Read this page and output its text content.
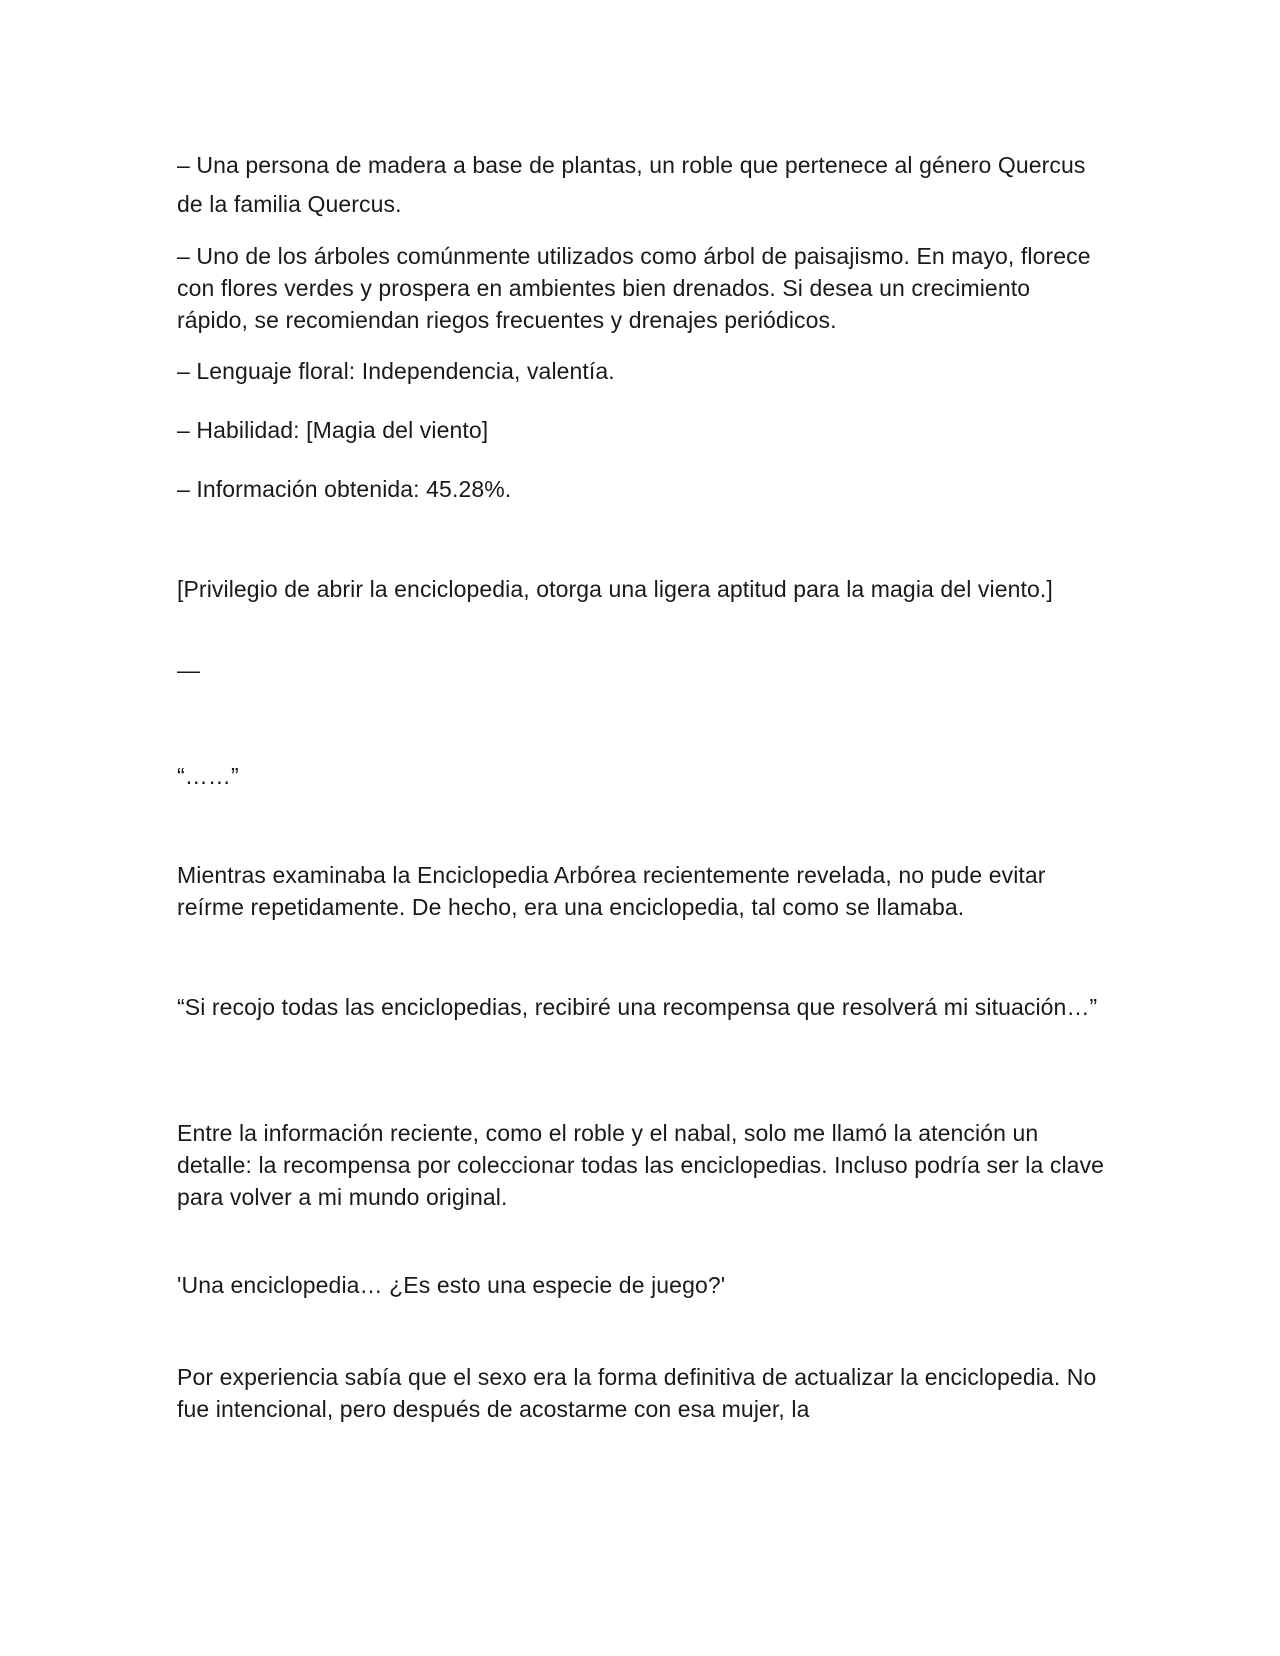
– Una persona de madera a base de plantas, un roble que pertenece al género Quercus de la familia Quercus.

– Uno de los árboles comúnmente utilizados como árbol de paisajismo. En mayo, florece con flores verdes y prospera en ambientes bien drenados. Si desea un crecimiento rápido, se recomiendan riegos frecuentes y drenajes periódicos.

– Lenguaje floral: Independencia, valentía.

– Habilidad: [Magia del viento]

– Información obtenida: 45.28%.

[Privilegio de abrir la enciclopedia, otorga una ligera aptitud para la magia del viento.]

—

“……”

Mientras examinaba la Enciclopedia Arbórea recientemente revelada, no pude evitar reírme repetidamente. De hecho, era una enciclopedia, tal como se llamaba.

“Si recojo todas las enciclopedias, recibiré una recompensa que resolverá mi situación…”

Entre la información reciente, como el roble y el nabal, solo me llamó la atención un detalle: la recompensa por coleccionar todas las enciclopedias. Incluso podría ser la clave para volver a mi mundo original.

'Una enciclopedia… ¿Es esto una especie de juego?'

Por experiencia sabía que el sexo era la forma definitiva de actualizar la enciclopedia. No fue intencional, pero después de acostarme con esa mujer, la
